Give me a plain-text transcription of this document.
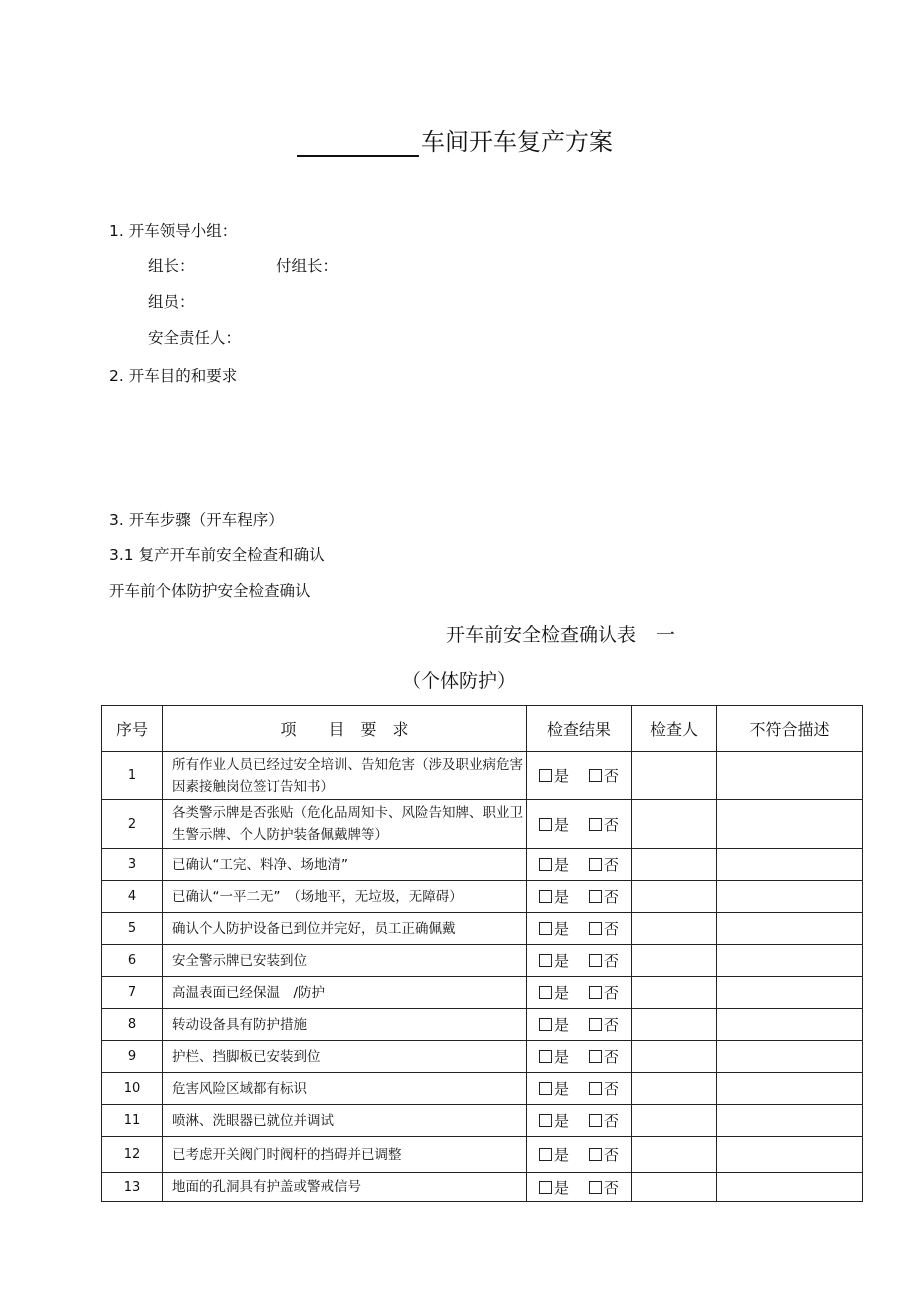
车间开车复产方案
1. 开车领导小组：
组长：	付组长：
组员：
安全责任人：
2. 开车目的和要求
3. 开车步骤（开车程序）
3.1 复产开车前安全检查和确认
开车前个体防护安全检查确认
开车前安全检查确认表 一
（个体防护）
序号	项　　目　要　求	检查结果	检查人	不符合描述
1	所有作业人员已经过安全培训、告知危害（涉及职业病危害因素接触岗位签订告知书）	是 否		
2	各类警示牌是否张贴（危化品周知卡、风险告知牌、职业卫生警示牌、个人防护装备佩戴牌等）	是 否		
3	已确认“工完、料净、场地清”	是 否		
4	已确认“一平二无”　（场地平，无垃圾，无障碍）	是 否		
5	确认个人防护设备已到位并完好，员工正确佩戴	是 否		
6	安全警示牌已安装到位	是 否		
7	高温表面已经保温　/防护	是 否		
8	转动设备具有防护措施	是 否		
9	护栏、挡脚板已安装到位	是 否		
10	危害风险区域都有标识	是 否		
11	喷淋、洗眼器已就位并调试	是 否		
12	已考虑开关阀门时阀杆的挡碍并已调整	是 否		
13	地面的孔洞具有护盖或警戒信号	是 否		
